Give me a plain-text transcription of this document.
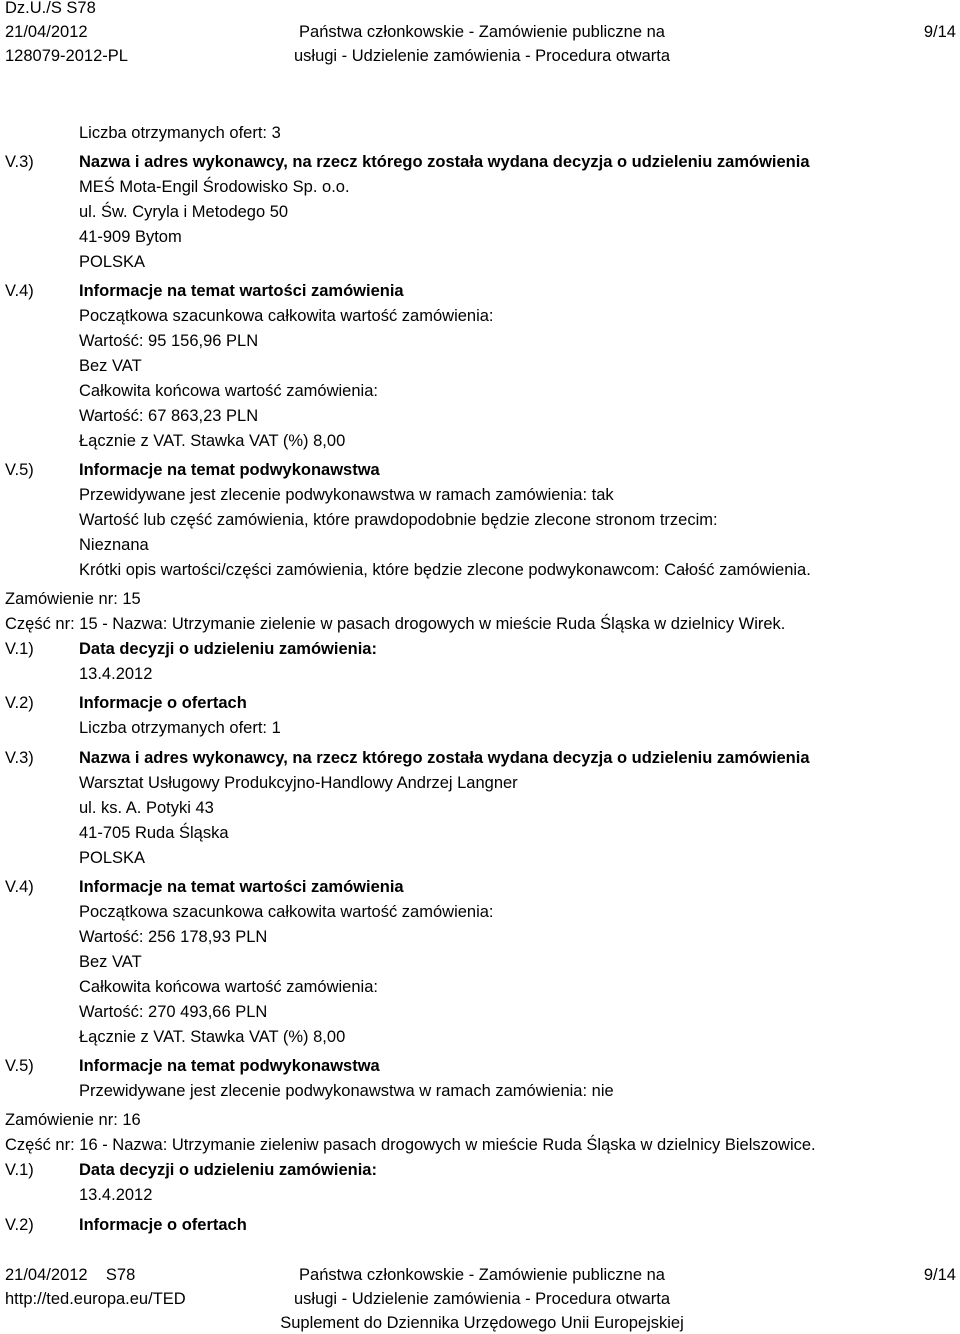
Dz.U./S S78
21/04/2012
128079-2012-PL
Państwa członkowskie - Zamówienie publiczne na
usługi - Udzielenie zamówienia - Procedura otwarta
9/14
Liczba otrzymanych ofert: 3
V.3)	Nazwa i adres wykonawcy, na rzecz którego została wydana decyzja o udzieleniu zamówienia
MEŚ Mota-Engil Środowisko Sp. o.o.
ul. Św. Cyryla i Metodego 50
41-909 Bytom
POLSKA
V.4)	Informacje na temat wartości zamówienia
Początkowa szacunkowa całkowita wartość zamówienia:
Wartość: 95 156,96 PLN
Bez VAT
Całkowita końcowa wartość zamówienia:
Wartość: 67 863,23 PLN
Łącznie z VAT. Stawka VAT (%) 8,00
V.5)	Informacje na temat podwykonawstwa
Przewidywane jest zlecenie podwykonawstwa w ramach zamówienia: tak
Wartość lub część zamówienia, które prawdopodobnie będzie zlecone stronom trzecim:
Nieznana
Krótki opis wartości/części zamówienia, które będzie zlecone podwykonawcom: Całość zamówienia.
Zamówienie nr: 15
Część nr: 15 - Nazwa: Utrzymanie zielenie w pasach drogowych w mieście Ruda Śląska w dzielnicy Wirek.
V.1)	Data decyzji o udzieleniu zamówienia:
13.4.2012
V.2)	Informacje o ofertach
Liczba otrzymanych ofert: 1
V.3)	Nazwa i adres wykonawcy, na rzecz którego została wydana decyzja o udzieleniu zamówienia
Warsztat Usługowy Produkcyjno-Handlowy Andrzej Langner
ul. ks. A. Potyki 43
41-705 Ruda Śląska
POLSKA
V.4)	Informacje na temat wartości zamówienia
Początkowa szacunkowa całkowita wartość zamówienia:
Wartość: 256 178,93 PLN
Bez VAT
Całkowita końcowa wartość zamówienia:
Wartość: 270 493,66 PLN
Łącznie z VAT. Stawka VAT (%) 8,00
V.5)	Informacje na temat podwykonawstwa
Przewidywane jest zlecenie podwykonawstwa w ramach zamówienia: nie
Zamówienie nr: 16
Część nr: 16 - Nazwa: Utrzymanie zieleniw pasach drogowych w mieście Ruda Śląska w dzielnicy Bielszowice.
V.1)	Data decyzji o udzieleniu zamówienia:
13.4.2012
V.2)	Informacje o ofertach
21/04/2012    S78
http://ted.europa.eu/TED
Państwa członkowskie - Zamówienie publiczne na
usługi - Udzielenie zamówienia - Procedura otwarta
Suplement do Dziennika Urzędowego Unii Europejskiej
9/14
